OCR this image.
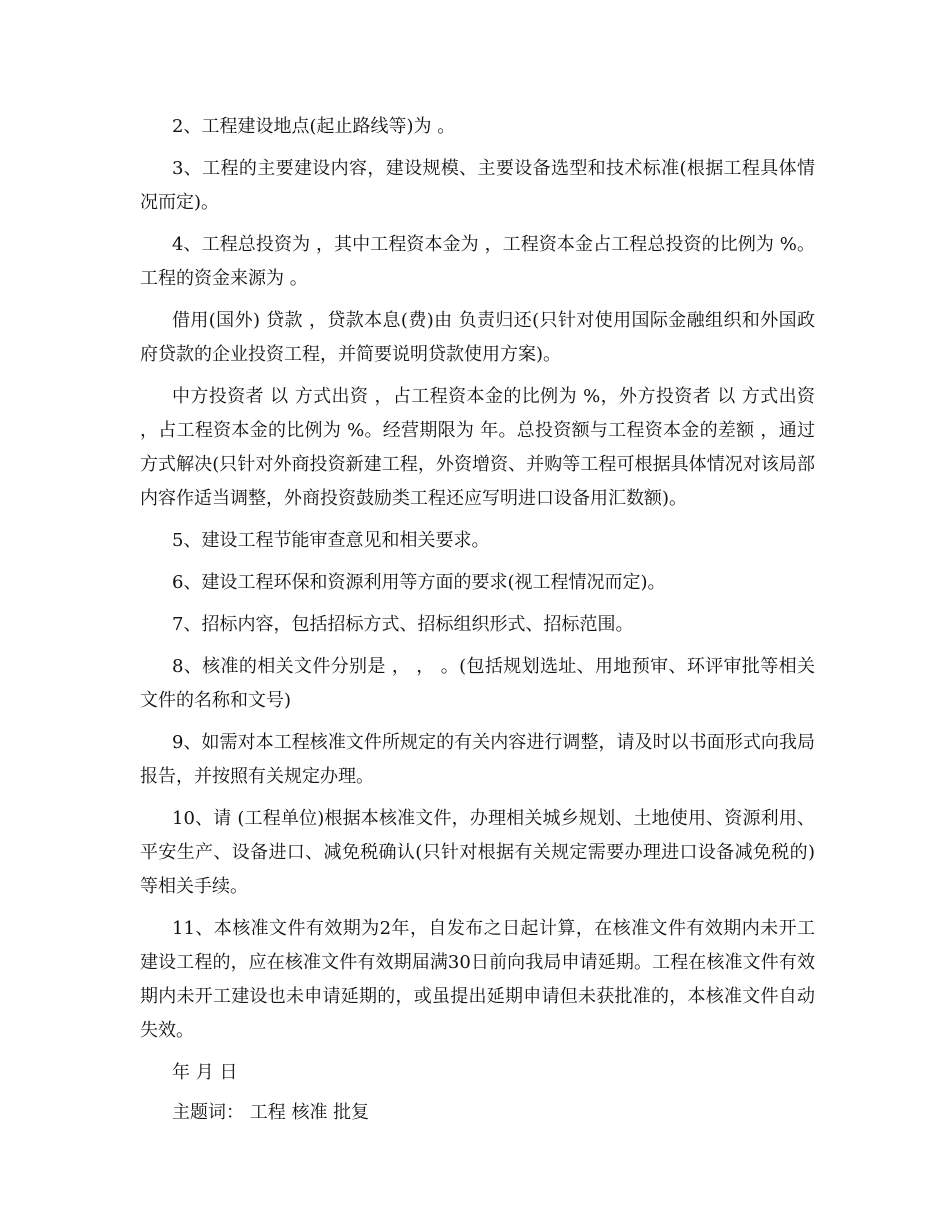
2、工程建设地点(起止路线等)为 。

3、工程的主要建设内容，建设规模、主要设备选型和技术标准(根据工程具体情况而定)。

4、工程总投资为 ，其中工程资本金为 ，工程资本金占工程总投资的比例为 %。工程的资金来源为 。

借用(国外) 贷款 ，贷款本息(费)由 负责归还(只针对使用国际金融组织和外国政府贷款的企业投资工程，并简要说明贷款使用方案)。

中方投资者 以 方式出资 ，占工程资本金的比例为 %，外方投资者 以 方式出资 ，占工程资本金的比例为 %。经营期限为 年。总投资额与工程资本金的差额 ，通过 方式解决(只针对外商投资新建工程，外资增资、并购等工程可根据具体情况对该局部内容作适当调整，外商投资鼓励类工程还应写明进口设备用汇数额)。

5、建设工程节能审查意见和相关要求。

6、建设工程环保和资源利用等方面的要求(视工程情况而定)。

7、招标内容，包括招标方式、招标组织形式、招标范围。

8、核准的相关文件分别是 ， ， 。(包括规划选址、用地预审、环评审批等相关文件的名称和文号)

9、如需对本工程核准文件所规定的有关内容进行调整，请及时以书面形式向我局报告，并按照有关规定办理。

10、请 (工程单位)根据本核准文件，办理相关城乡规划、土地使用、资源利用、平安生产、设备进口、减免税确认(只针对根据有关规定需要办理进口设备减免税的)等相关手续。

11、本核准文件有效期为2年，自发布之日起计算，在核准文件有效期内未开工建设工程的，应在核准文件有效期届满30日前向我局申请延期。工程在核准文件有效期内未开工建设也未申请延期的，或虽提出延期申请但未获批准的，本核准文件自动失效。

年 月 日

主题词： 工程 核准 批复
